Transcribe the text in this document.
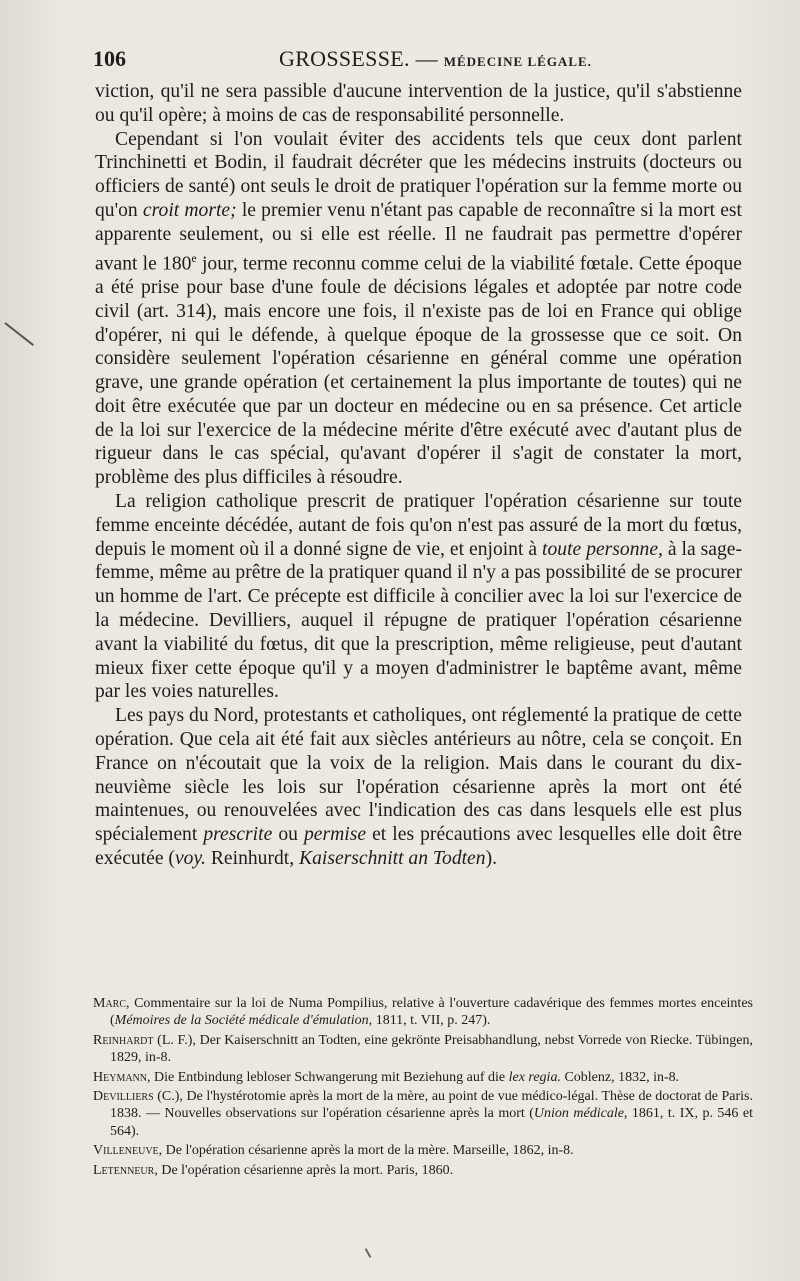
106	GROSSESSE. — MÉDECINE LÉGALE.

viction, qu'il ne sera passible d'aucune intervention de la justice, qu'il s'abstienne ou qu'il opère; à moins de cas de responsabilité personnelle.

Cependant si l'on voulait éviter des accidents tels que ceux dont parlent Trinchinetti et Bodin, il faudrait décréter que les médecins instruits (docteurs ou officiers de santé) ont seuls le droit de pratiquer l'opération sur la femme morte ou qu'on croit morte; le premier venu n'étant pas capable de reconnaître si la mort est apparente seulement, ou si elle est réelle. Il ne faudrait pas permettre d'opérer avant le 180e jour, terme reconnu comme celui de la viabilité fœtale. Cette époque a été prise pour base d'une foule de décisions légales et adoptée par notre code civil (art. 314), mais encore une fois, il n'existe pas de loi en France qui oblige d'opérer, ni qui le défende, à quelque époque de la grossesse que ce soit. On considère seulement l'opération césarienne en général comme une opération grave, une grande opération (et certainement la plus importante de toutes) qui ne doit être exécutée que par un docteur en médecine ou en sa présence. Cet article de la loi sur l'exercice de la médecine mérite d'être exécuté avec d'autant plus de rigueur dans le cas spécial, qu'avant d'opérer il s'agit de constater la mort, problème des plus difficiles à résoudre.

La religion catholique prescrit de pratiquer l'opération césarienne sur toute femme enceinte décédée, autant de fois qu'on n'est pas assuré de la mort du fœtus, depuis le moment où il a donné signe de vie, et enjoint à toute personne, à la sage-femme, même au prêtre de la pratiquer quand il n'y a pas possibilité de se procurer un homme de l'art. Ce précepte est difficile à concilier avec la loi sur l'exercice de la médecine. Devilliers, auquel il répugne de pratiquer l'opération césarienne avant la viabilité du fœtus, dit que la prescription, même religieuse, peut d'autant mieux fixer cette époque qu'il y a moyen d'administrer le baptême avant, même par les voies naturelles.

Les pays du Nord, protestants et catholiques, ont réglementé la pratique de cette opération. Que cela ait été fait aux siècles antérieurs au nôtre, cela se conçoit. En France on n'écoutait que la voix de la religion. Mais dans le courant du dix-neuvième siècle les lois sur l'opération césarienne après la mort ont été maintenues, ou renouvelées avec l'indication des cas dans lesquels elle est plus spécialement prescrite ou permise et les précautions avec lesquelles elle doit être exécutée (voy. Reinhurdt, Kaiserschnitt an Todten).

Marc, Commentaire sur la loi de Numa Pompilius, relative à l'ouverture cadavérique des femmes mortes enceintes (Mémoires de la Société médicale d'émulation, 1811, t. VII, p. 247).

Reinhardt (L. F.), Der Kaiserschnitt an Todten, eine gekrönte Preisabhandlung, nebst Vorrede von Riecke. Tübingen, 1829, in-8.

Heymann, Die Entbindung lebloser Schwangerung mit Beziehung auf die lex regia. Coblenz, 1832, in-8.

Devilliers (C.), De l'hystérotomie après la mort de la mère, au point de vue médico-légal. Thèse de doctorat de Paris. 1838. — Nouvelles observations sur l'opération césarienne après la mort (Union médicale, 1861, t. IX, p. 546 et 564).

Villeneuve, De l'opération césarienne après la mort de la mère. Marseille, 1862, in-8.

Letenneur, De l'opération césarienne après la mort. Paris, 1860.
